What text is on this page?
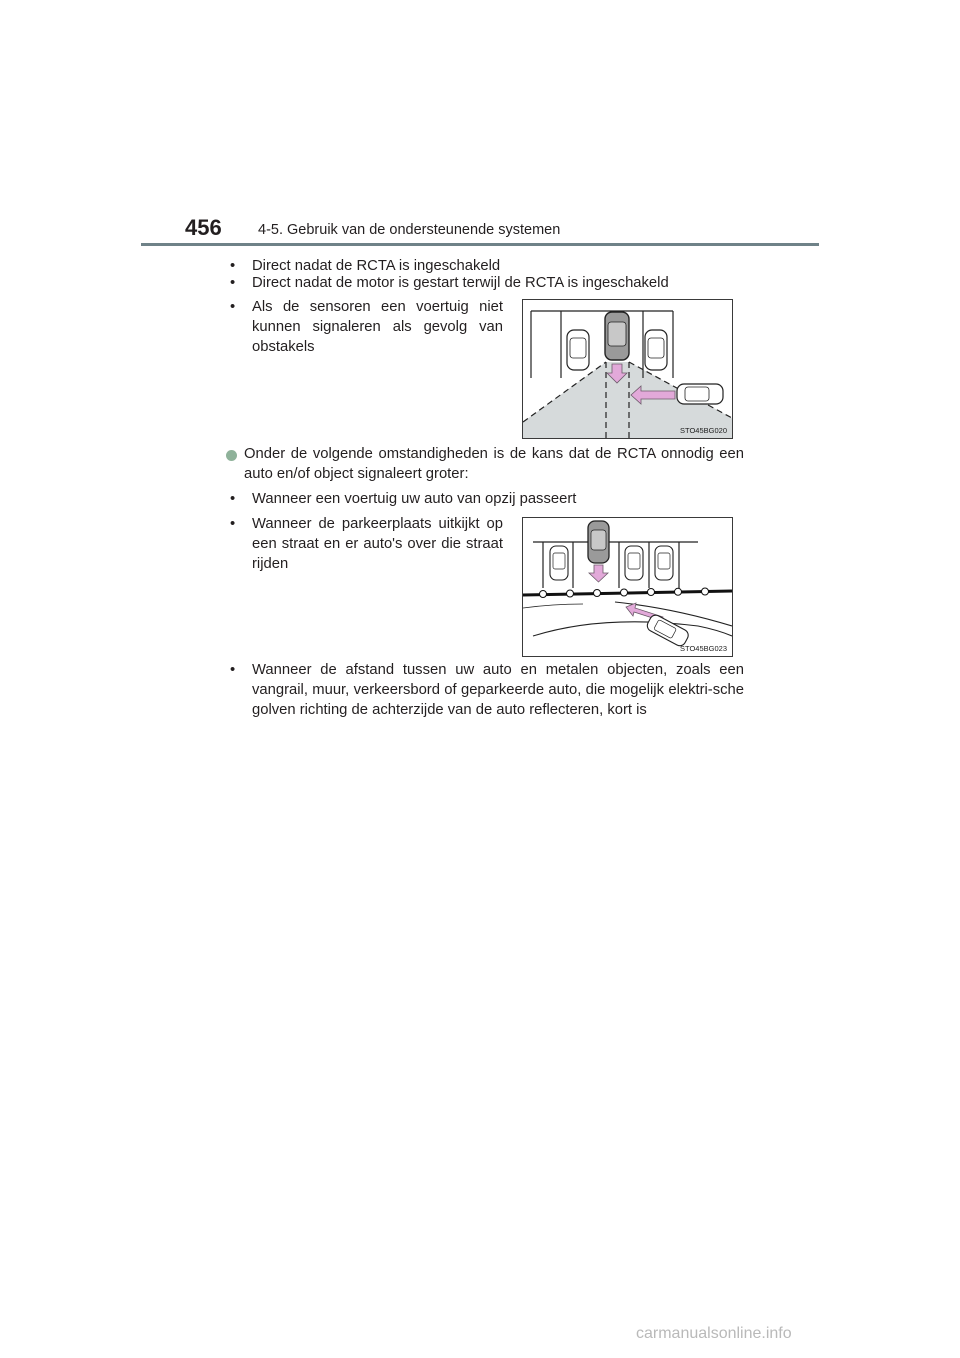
456	4-5. Gebruik van de ondersteunende systemen
•	Direct nadat de RCTA is ingeschakeld
•	Direct nadat de motor is gestart terwijl de RCTA is ingeschakeld
•	Als de sensoren een voertuig niet kunnen signaleren als gevolg van obstakels
STO45BG020
Onder de volgende omstandigheden is de kans dat de RCTA onnodig een auto en/of object signaleert groter:
•	Wanneer een voertuig uw auto van opzij passeert
•	Wanneer de parkeerplaats uitkijkt op een straat en er auto's over die straat rijden
STO45BG023
•	Wanneer de afstand tussen uw auto en metalen objecten, zoals een vangrail, muur, verkeersbord of geparkeerde auto, die mogelijk elektri-sche golven richting de achterzijde van de auto reflecteren, kort is
carmanualsonline.info
